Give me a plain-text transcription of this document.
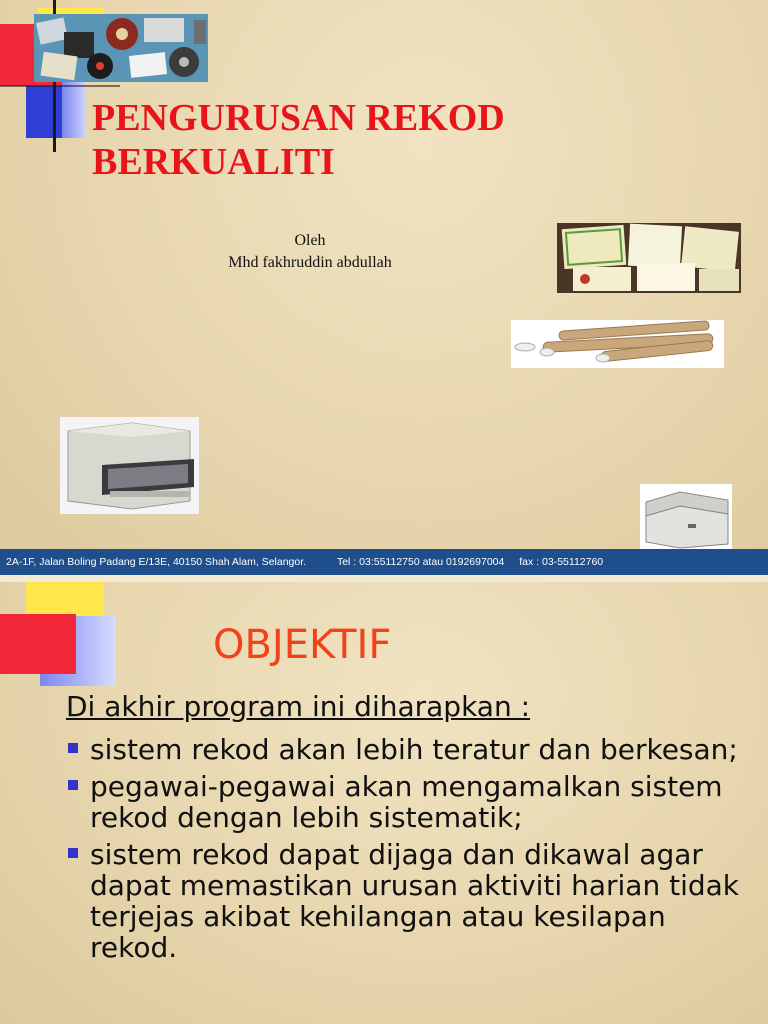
PENGURUSAN REKOD BERKUALITI
Oleh
Mhd fakhruddin abdullah
2A-1F, Jalan Boling Padang E/13E, 40150 Shah Alam, Selangor.	Tel : 03:55112750 atau 0192697004 fax : 03-55112760
OBJEKTIF
Di akhir program ini diharapkan :
sistem rekod akan lebih teratur dan berkesan;
pegawai-pegawai akan mengamalkan sistem rekod dengan lebih sistematik;
sistem rekod dapat dijaga dan dikawal agar dapat memastikan urusan aktiviti harian tidak terjejas akibat kehilangan atau kesilapan rekod.
